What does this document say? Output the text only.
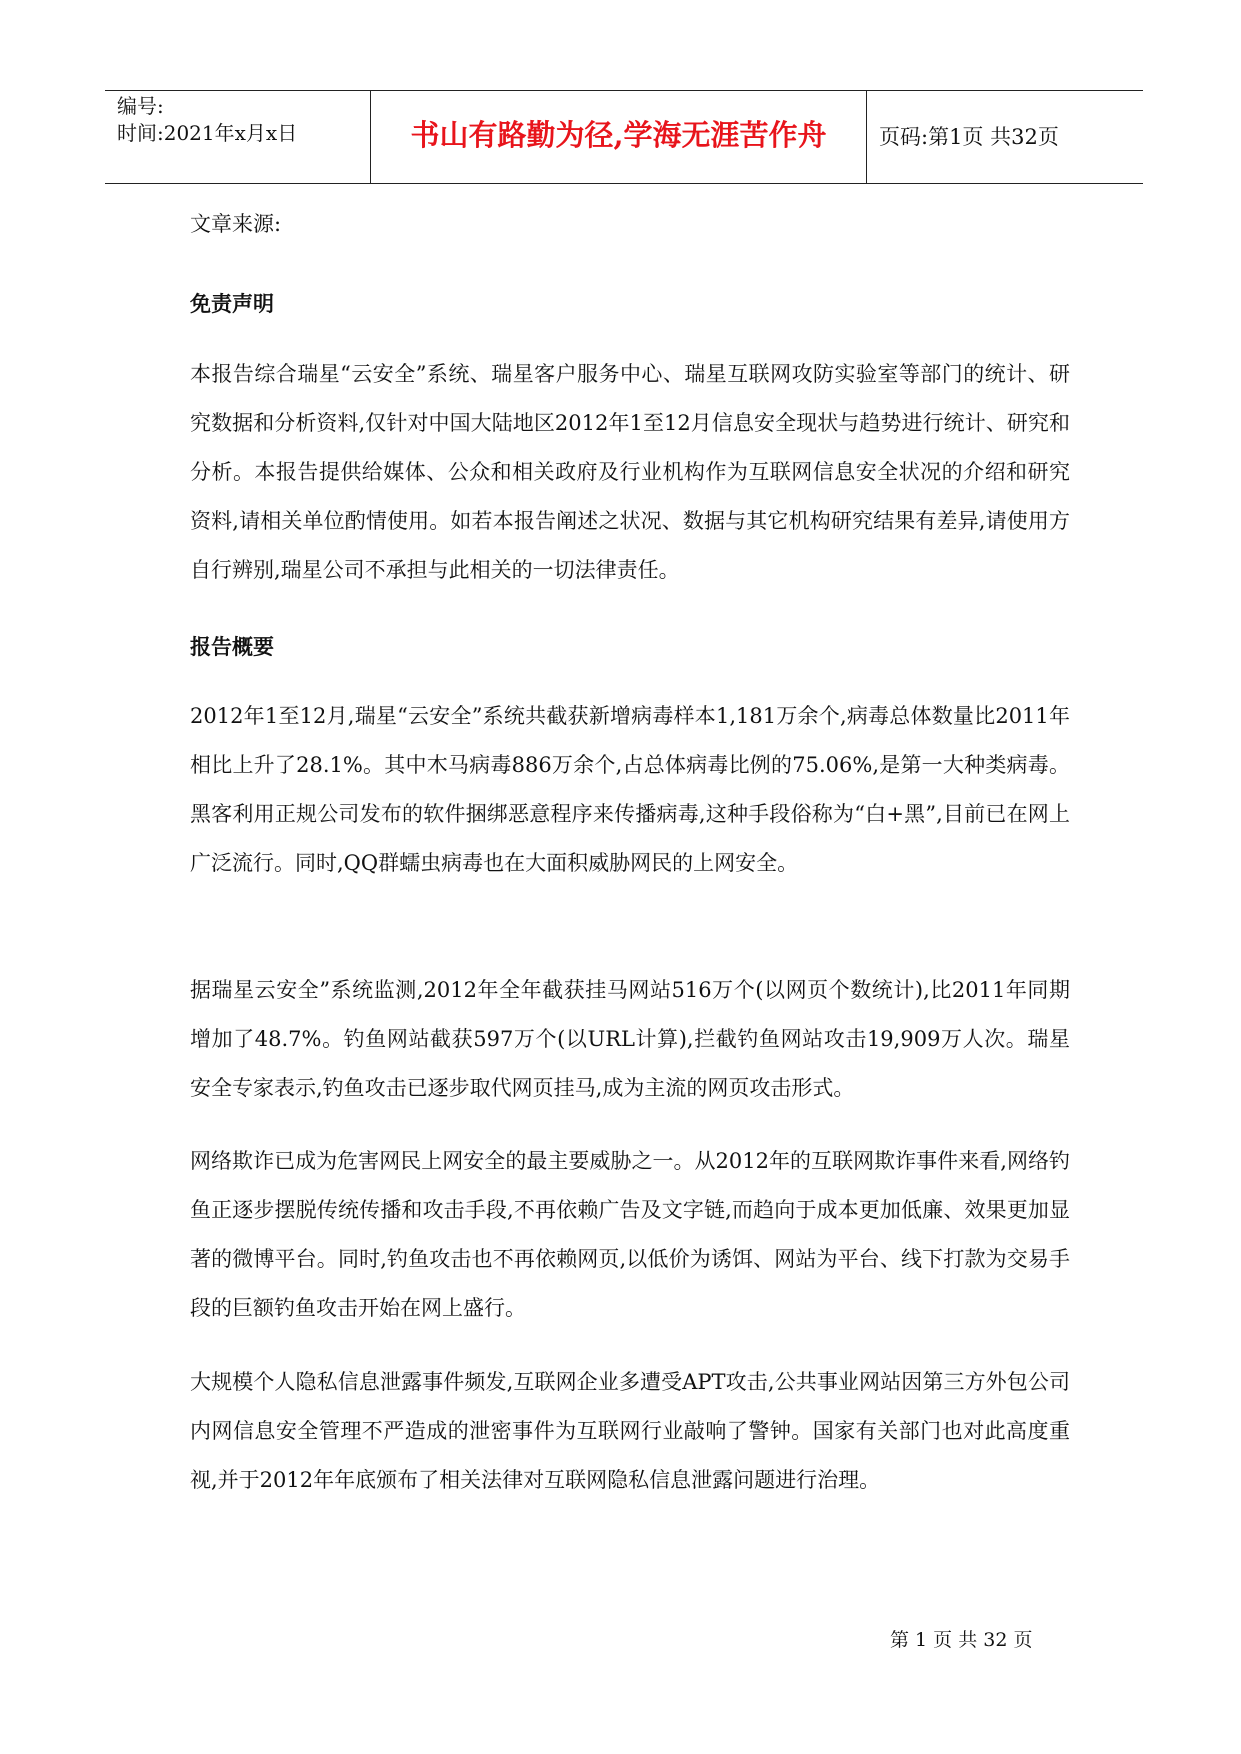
编号:
时间:2021年x月x日	书山有路勤为径,学海无涯苦作舟	页码:第1页 共32页
文章来源:
免责声明
本报告综合瑞星“云安全”系统、瑞星客户服务中心、瑞星互联网攻防实验室等部门的统计、研究数据和分析资料,仅针对中国大陆地区2012年1至12月信息安全现状与趋势进行统计、研究和分析。本报告提供给媒体、公众和相关政府及行业机构作为互联网信息安全状况的介绍和研究资料,请相关单位酌情使用。如若本报告阐述之状况、数据与其它机构研究结果有差异,请使用方自行辨别,瑞星公司不承担与此相关的一切法律责任。
报告概要
2012年1至12月,瑞星“云安全”系统共截获新增病毒样本1,181万余个,病毒总体数量比2011年相比上升了28.1%。其中木马病毒886万余个,占总体病毒比例的75.06%,是第一大种类病毒。黑客利用正规公司发布的软件捆绑恶意程序来传播病毒,这种手段俗称为“白+黑”,目前已在网上广泛流行。同时,QQ群蠕虫病毒也在大面积威胁网民的上网安全。
据瑞星云安全”系统监测,2012年全年截获挂马网站516万个(以网页个数统计),比2011年同期增加了48.7%。钓鱼网站截获597万个(以URL计算),拦截钓鱼网站攻击19,909万人次。瑞星安全专家表示,钓鱼攻击已逐步取代网页挂马,成为主流的网页攻击形式。
网络欺诈已成为危害网民上网安全的最主要威胁之一。从2012年的互联网欺诈事件来看,网络钓鱼正逐步摆脱传统传播和攻击手段,不再依赖广告及文字链,而趋向于成本更加低廉、效果更加显著的微博平台。同时,钓鱼攻击也不再依赖网页,以低价为诱饵、网站为平台、线下打款为交易手段的巨额钓鱼攻击开始在网上盛行。
大规模个人隐私信息泄露事件频发,互联网企业多遭受APT攻击,公共事业网站因第三方外包公司内网信息安全管理不严造成的泄密事件为互联网行业敲响了警钟。国家有关部门也对此高度重视,并于2012年年底颁布了相关法律对互联网隐私信息泄露问题进行治理。
第 1 页 共 32 页
